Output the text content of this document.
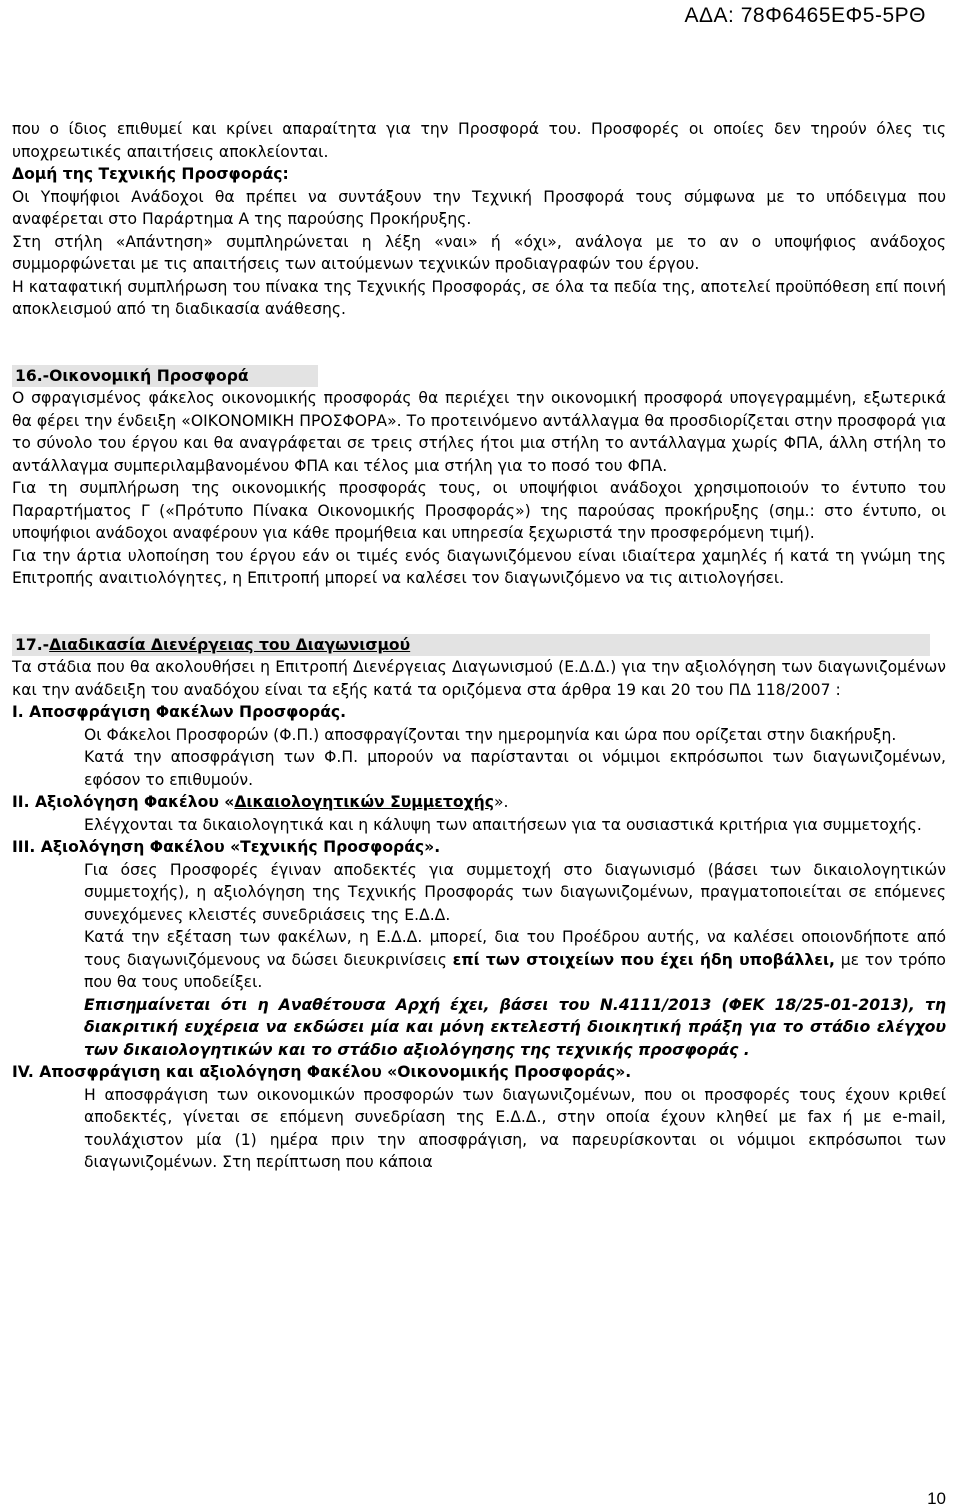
ΑΔΑ: 78Φ6465ΕΦ5-5ΡΘ

που ο ίδιος επιθυμεί και κρίνει απαραίτητα για την Προσφορά του. Προσφορές οι οποίες δεν τηρούν όλες τις υποχρεωτικές απαιτήσεις αποκλείονται.

Δομή της Τεχνικής Προσφοράς:

Οι Υποψήφιοι Ανάδοχοι θα πρέπει να συντάξουν την Τεχνική Προσφορά τους σύμφωνα με το υπόδειγμα που αναφέρεται στο Παράρτημα Α της παρούσης Προκήρυξης.

Στη στήλη «Απάντηση» συμπληρώνεται η λέξη «ναι» ή «όχι», ανάλογα με το αν ο υποψήφιος ανάδοχος συμμορφώνεται με τις απαιτήσεις των αιτούμενων τεχνικών προδιαγραφών του έργου.

Η καταφατική συμπλήρωση του πίνακα της Τεχνικής Προσφοράς, σε όλα τα πεδία της, αποτελεί προϋπόθεση επί ποινή αποκλεισμού από τη διαδικασία ανάθεσης.

16.-Οικονομική Προσφορά

Ο σφραγισμένος φάκελος οικονομικής προσφοράς θα περιέχει την οικονομική προσφορά υπογεγραμμένη, εξωτερικά θα φέρει την ένδειξη «ΟΙΚΟΝΟΜΙΚΗ ΠΡΟΣΦΟΡΑ». Το προτεινόμενο αντάλλαγμα θα προσδιορίζεται στην προσφορά για το σύνολο του έργου και θα αναγράφεται σε τρεις στήλες ήτοι μια στήλη το αντάλλαγμα χωρίς ΦΠΑ, άλλη στήλη το αντάλλαγμα συμπεριλαμβανομένου ΦΠΑ και τέλος μια στήλη για το ποσό του ΦΠΑ.

Για τη συμπλήρωση της οικονομικής προσφοράς τους, οι υποψήφιοι ανάδοχοι χρησιμοποιούν το έντυπο του Παραρτήματος Γ («Πρότυπο Πίνακα Οικονομικής Προσφοράς») της παρούσας προκήρυξης (σημ.: στο έντυπο, οι υποψήφιοι ανάδοχοι αναφέρουν για κάθε προμήθεια και υπηρεσία ξεχωριστά την προσφερόμενη τιμή).

Για την άρτια υλοποίηση του έργου εάν οι τιμές ενός διαγωνιζόμενου είναι ιδιαίτερα χαμηλές ή κατά τη γνώμη της Επιτροπής αναιτιολόγητες, η Επιτροπή μπορεί να καλέσει τον διαγωνιζόμενο να τις αιτιολογήσει.

17.-Διαδικασία Διενέργειας του Διαγωνισμού

Τα στάδια που θα ακολουθήσει η Επιτροπή Διενέργειας Διαγωνισμού (Ε.Δ.Δ.) για την αξιολόγηση των διαγωνιζομένων και την ανάδειξη του αναδόχου είναι τα εξής κατά τα οριζόμενα στα άρθρα 19 και 20 του ΠΔ 118/2007 :

I. Αποσφράγιση Φακέλων Προσφοράς.

Οι Φάκελοι Προσφορών (Φ.Π.) αποσφραγίζονται την ημερομηνία και ώρα που ορίζεται στην διακήρυξη.

Κατά την αποσφράγιση των Φ.Π. μπορούν να παρίστανται οι νόμιμοι εκπρόσωποι των διαγωνιζομένων, εφόσον το επιθυμούν.

II. Αξιολόγηση Φακέλου «Δικαιολογητικών Συμμετοχής».

Ελέγχονται τα δικαιολογητικά και η κάλυψη των απαιτήσεων για τα ουσιαστικά κριτήρια για συμμετοχής.

III. Αξιολόγηση Φακέλου «Τεχνικής Προσφοράς».

Για όσες Προσφορές έγιναν αποδεκτές για συμμετοχή στο διαγωνισμό (βάσει των δικαιολογητικών συμμετοχής), η αξιολόγηση της Τεχνικής Προσφοράς των διαγωνιζομένων, πραγματοποιείται σε επόμενες συνεχόμενες κλειστές συνεδριάσεις της Ε.Δ.Δ.

Κατά την εξέταση των φακέλων, η Ε.Δ.Δ. μπορεί, δια του Προέδρου αυτής, να καλέσει οποιονδήποτε από τους διαγωνιζόμενους να δώσει διευκρινίσεις επί των στοιχείων που έχει ήδη υποβάλλει, με τον τρόπο που θα τους υποδείξει.

Επισημαίνεται ότι η Αναθέτουσα Αρχή έχει, βάσει του Ν.4111/2013 (ΦΕΚ 18/25-01-2013), τη διακριτική ευχέρεια να εκδώσει μία και μόνη εκτελεστή διοικητική πράξη για το στάδιο ελέγχου των δικαιολογητικών και το στάδιο αξιολόγησης της τεχνικής προσφοράς .

IV. Αποσφράγιση και αξιολόγηση Φακέλου «Οικονομικής Προσφοράς».

Η αποσφράγιση των οικονομικών προσφορών των διαγωνιζομένων, που οι προσφορές τους έχουν κριθεί αποδεκτές, γίνεται σε επόμενη συνεδρίαση της Ε.Δ.Δ., στην οποία έχουν κληθεί με fax ή με e-mail, τουλάχιστον μία (1) ημέρα πριν την αποσφράγιση, να παρευρίσκονται οι νόμιμοι εκπρόσωποι των διαγωνιζομένων. Στη περίπτωση που κάποια

10
